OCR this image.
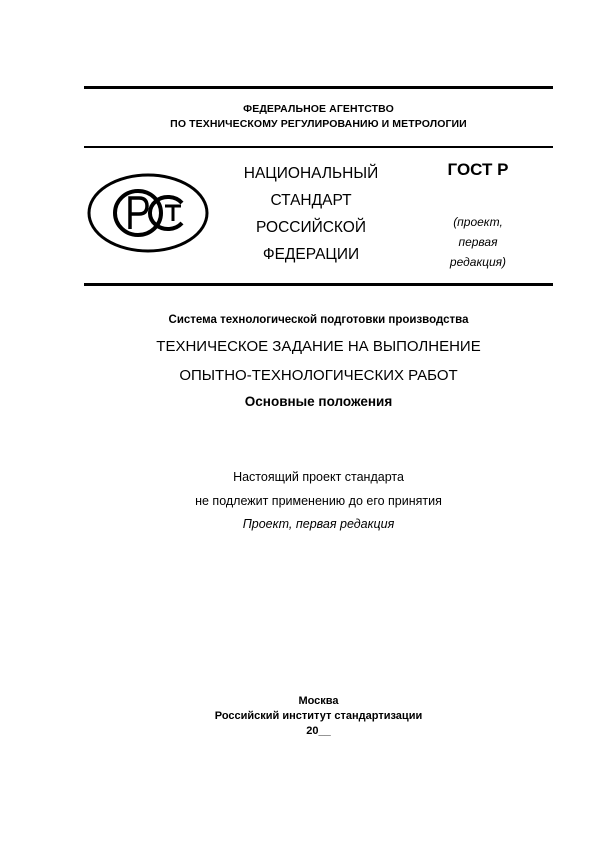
ФЕДЕРАЛЬНОЕ АГЕНТСТВО
ПО ТЕХНИЧЕСКОМУ РЕГУЛИРОВАНИЮ И МЕТРОЛОГИИ
НАЦИОНАЛЬНЫЙ
СТАНДАРТ
РОССИЙСКОЙ
ФЕДЕРАЦИИ
ГОСТ Р
(проект,
первая
редакция)
Система технологической подготовки производства
ТЕХНИЧЕСКОЕ ЗАДАНИЕ НА ВЫПОЛНЕНИЕ
ОПЫТНО-ТЕХНОЛОГИЧЕСКИХ РАБОТ
Основные положения
Настоящий проект стандарта
не подлежит применению до его принятия
Проект, первая редакция
Москва
Российский институт стандартизации
20__
